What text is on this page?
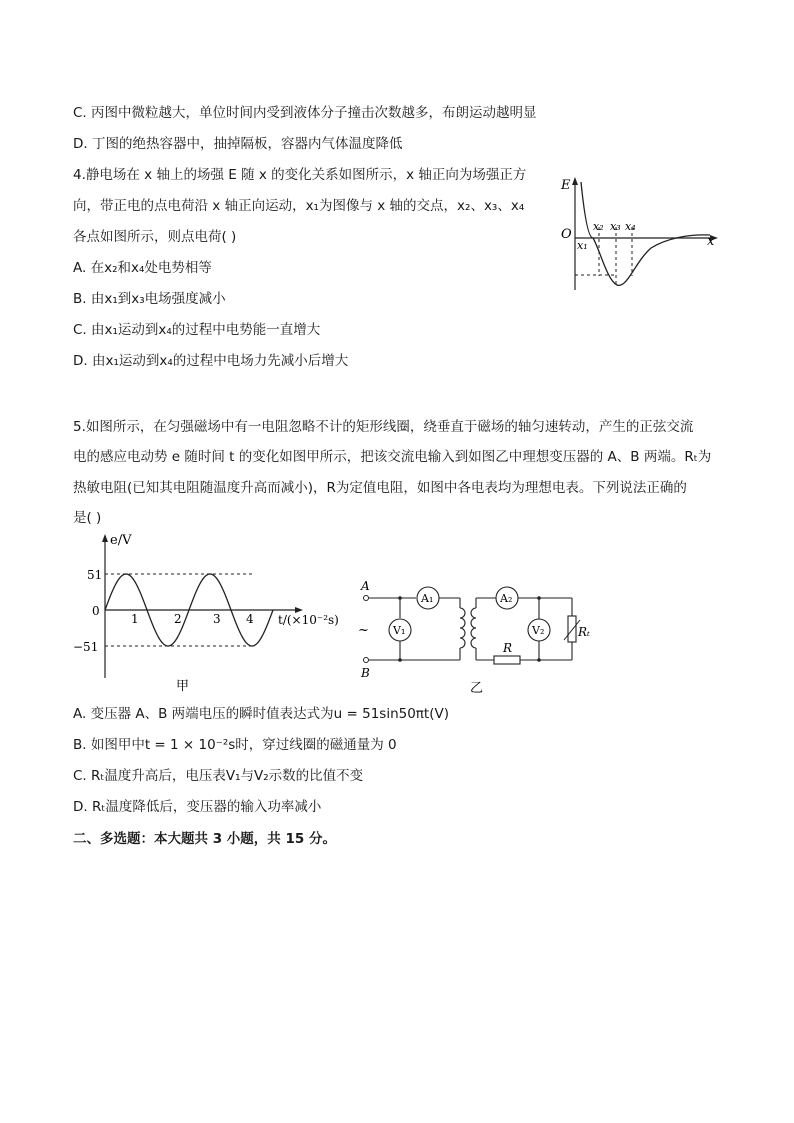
C. 丙图中微粒越大，单位时间内受到液体分子撞击次数越多，布朗运动越明显
D. 丁图的绝热容器中，抽掉隔板，容器内气体温度降低
4.静电场在 x 轴上的场强 E 随 x 的变化关系如图所示，x 轴正向为场强正方
向，带正电的点电荷沿 x 轴正向运动，x₁为图像与 x 轴的交点，x₂、x₃、x₄
各点如图所示，则点电荷( )
A. 在x₂和x₄处电势相等
B. 由x₁到x₃电场强度减小
C. 由x₁运动到x₄的过程中电势能一直增大
D. 由x₁运动到x₄的过程中电场力先减小后增大
E
O	x
x₁
x₂ x₃ x₄
5.如图所示，在匀强磁场中有一电阻忽略不计的矩形线圈，绕垂直于磁场的轴匀速转动，产生的正弦交流
电的感应电动势 e 随时间 t 的变化如图甲所示，把该交流电输入到如图乙中理想变压器的 A、B 两端。Rₜ为
热敏电阻(已知其电阻随温度升高而减小)，R为定值电阻，如图中各电表均为理想电表。下列说法正确的
是( )
e/V
t/(×10⁻²s)
51
0
−51
1	2	3 4
甲
A
B
~
A₁
V₁
A₂
R
V₂	Rₜ
乙
A. 变压器 A、B 两端电压的瞬时值表达式为u = 51sin50πt(V)
B. 如图甲中t = 1 × 10⁻²s时，穿过线圈的磁通量为 0
C. Rₜ温度升高后，电压表V₁与V₂示数的比值不变
D. Rₜ温度降低后，变压器的输入功率减小
二、多选题：本大题共 3 小题，共 15 分。
